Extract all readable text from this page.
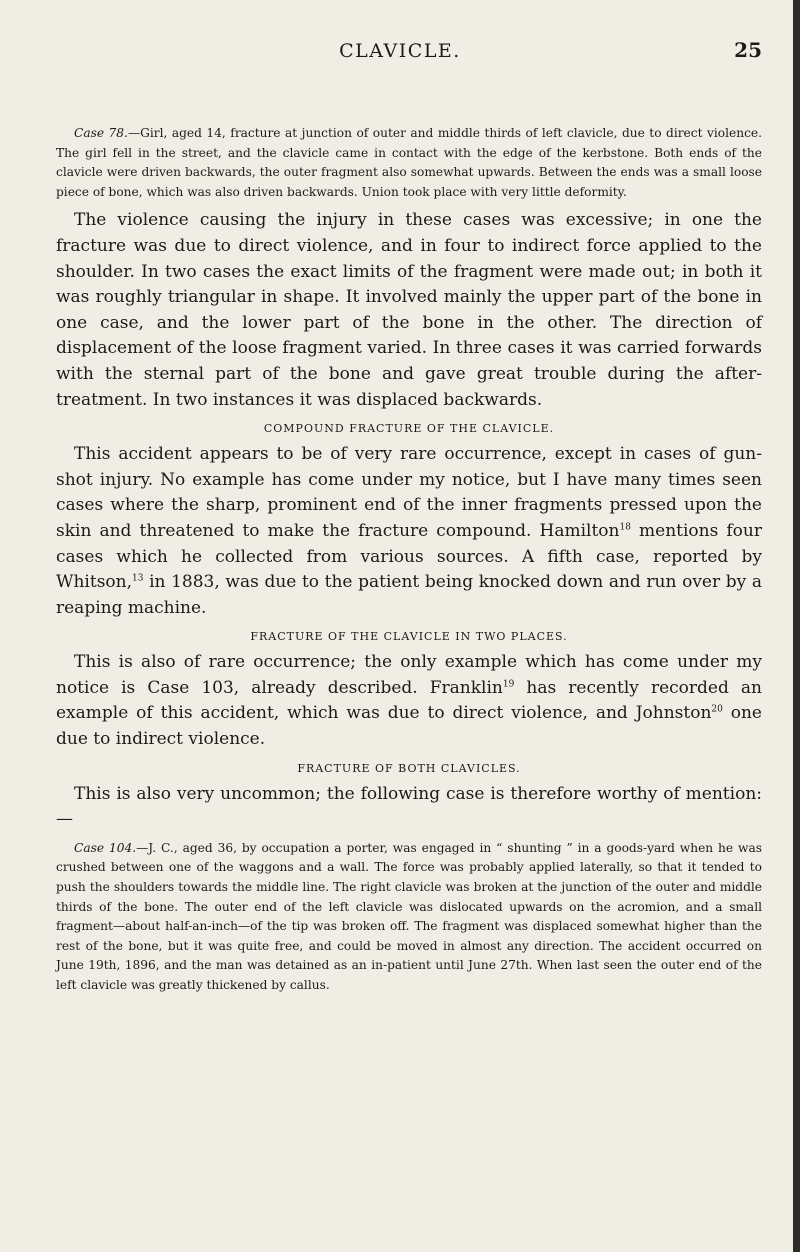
CLAVICLE.	25

Case 78.—Girl, aged 14, fracture at junction of outer and middle thirds of left clavicle, due to direct violence. The girl fell in the street, and the clavicle came in contact with the edge of the kerbstone. Both ends of the clavicle were driven backwards, the outer fragment also somewhat upwards. Between the ends was a small loose piece of bone, which was also driven backwards. Union took place with very little deformity.

The violence causing the injury in these cases was excessive; in one the fracture was due to direct violence, and in four to indirect force applied to the shoulder. In two cases the exact limits of the fragment were made out; in both it was roughly triangular in shape. It involved mainly the upper part of the bone in one case, and the lower part of the bone in the other. The direction of displacement of the loose fragment varied. In three cases it was carried forwards with the sternal part of the bone and gave great trouble during the after-treatment. In two instances it was displaced backwards.

COMPOUND FRACTURE OF THE CLAVICLE.

This accident appears to be of very rare occurrence, except in cases of gun-shot injury. No example has come under my notice, but I have many times seen cases where the sharp, prominent end of the inner fragments pressed upon the skin and threatened to make the fracture compound. Hamilton$^{18}$ mentions four cases which he collected from various sources. A fifth case, reported by Whitson,$^{13}$ in 1883, was due to the patient being knocked down and run over by a reaping machine.

FRACTURE OF THE CLAVICLE IN TWO PLACES.

This is also of rare occurrence; the only example which has come under my notice is Case 103, already described. Franklin$^{19}$ has recently recorded an example of this accident, which was due to direct violence, and Johnston$^{20}$ one due to indirect violence.

FRACTURE OF BOTH CLAVICLES.

This is also very uncommon; the following case is therefore worthy of mention:—

Case 104.—J. C., aged 36, by occupation a porter, was engaged in “ shunting ” in a goods-yard when he was crushed between one of the waggons and a wall. The force was probably applied laterally, so that it tended to push the shoulders towards the middle line. The right clavicle was broken at the junction of the outer and middle thirds of the bone. The outer end of the left clavicle was dislocated upwards on the acromion, and a small fragment—about half-an-inch—of the tip was broken off. The fragment was displaced somewhat higher than the rest of the bone, but it was quite free, and could be moved in almost any direction. The accident occurred on June 19th, 1896, and the man was detained as an in-patient until June 27th. When last seen the outer end of the left clavicle was greatly thickened by callus.
